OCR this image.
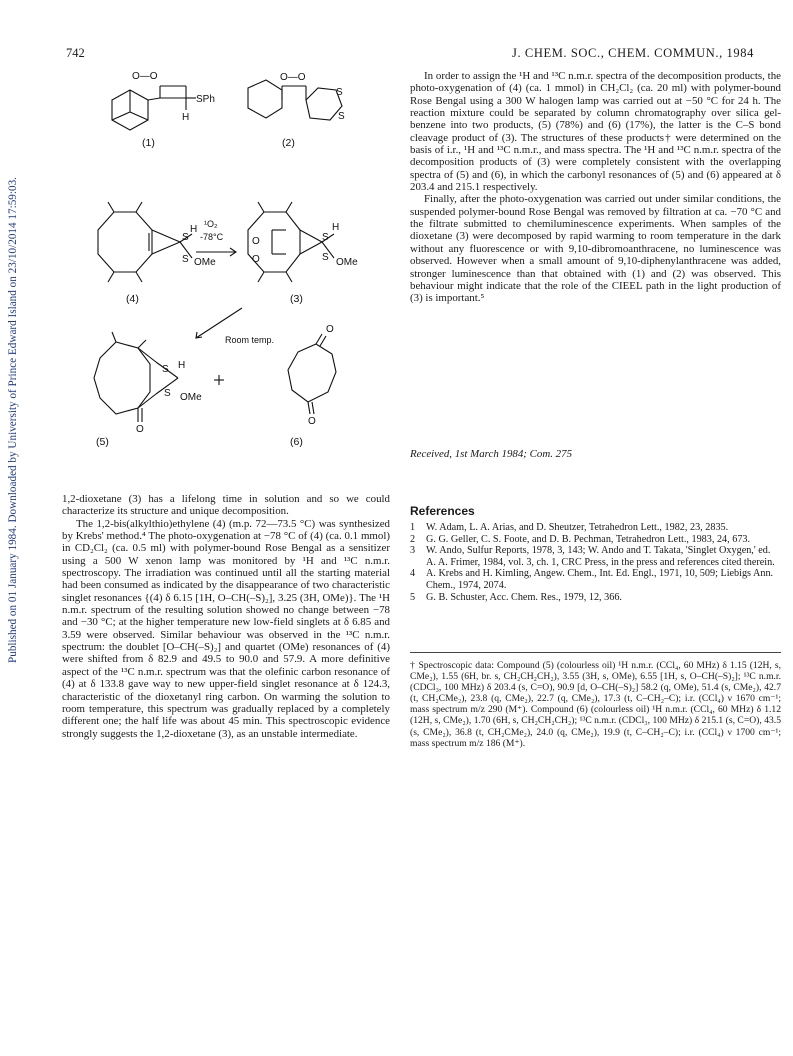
742	J. CHEM. SOC., CHEM. COMMUN., 1984
Published on 01 January 1984. Downloaded by University of Prince Edward Island on 23/10/2014 17:59:03.
O—O
SPh
H
O—O
S
S
S
H
S OMe
O
O
S
H
S OMe
S H
S OMe
O
O
O
(1)	(2)
(4)	(3)
(5)	(6)
¹O₂
-78°C
Room temp.

1,2-dioxetane (3) has a lifelong time in solution and so we could characterize its structure and unique decomposition.

The 1,2-bis(alkylthio)ethylene (4) (m.p. 72—73.5 °C) was synthesized by Krebs' method.⁴ The photo-oxygenation at −78 °C of (4) (ca. 0.1 mmol) in CD₂Cl₂ (ca. 0.5 ml) with polymer-bound Rose Bengal as a sensitizer using a 500 W xenon lamp was monitored by ¹H and ¹³C n.m.r. spectroscopy. The irradiation was continued until all the starting material had been consumed as indicated by the disappearance of two characteristic singlet resonances {(4) δ 6.15 [1H, O–CH(–S)₂], 3.25 (3H, OMe)}. The ¹H n.m.r. spectrum of the resulting solution showed no change between −78 and −30 °C; at the higher temperature new low-field singlets at δ 6.85 and 3.59 were observed. Similar behaviour was observed in the ¹³C n.m.r. spectrum: the doublet [O–CH(–S)₂] and quartet (OMe) resonances of (4) were shifted from δ 82.9 and 49.5 to 90.0 and 57.9. A more definitive aspect of the ¹³C n.m.r. spectrum was that the olefinic carbon resonance of (4) at δ 133.8 gave way to new upper-field singlet resonance at δ 124.3, characteristic of the dioxetanyl ring carbon. On warming the solution to room temperature, this spectrum was gradually replaced by a completely different one; the half life was about 45 min. This spectroscopic evidence strongly suggests the 1,2-dioxetane (3), as an unstable intermediate.

In order to assign the ¹H and ¹³C n.m.r. spectra of the decomposition products, the photo-oxygenation of (4) (ca. 1 mmol) in CH₂Cl₂ (ca. 20 ml) with polymer-bound Rose Bengal using a 300 W halogen lamp was carried out at −50 °C for 24 h. The reaction mixture could be separated by column chromatography over silica gel-benzene into two products, (5) (78%) and (6) (17%), the latter is the C–S bond cleavage product of (3). The structures of these products† were determined on the basis of i.r., ¹H and ¹³C n.m.r., and mass spectra. The ¹H and ¹³C n.m.r. spectra of the decomposition products of (3) were completely consistent with the overlapping spectra of (5) and (6), in which the carbonyl resonances of (5) and (6) appeared at δ 203.4 and 215.1 respectively.

Finally, after the photo-oxygenation was carried out under similar conditions, the suspended polymer-bound Rose Bengal was removed by filtration at ca. −70 °C and the filtrate submitted to chemiluminescence experiments. When samples of the dioxetane (3) were decomposed by rapid warming to room temperature in the dark without any fluorescence or with 9,10-dibromoanthracene, no luminescence was observed. However when a small amount of 9,10-diphenylanthracene was added, stronger luminescence than that obtained with (1) and (2) was observed. This behaviour might indicate that the role of the CIEEL path in the light production of (3) is important.⁵

Received, 1st March 1984; Com. 275
References
1	W. Adam, L. A. Arias, and D. Sheutzer, Tetrahedron Lett., 1982, 23, 2835.
2	G. G. Geller, C. S. Foote, and D. B. Pechman, Tetrahedron Lett., 1983, 24, 673.
3	W. Ando, Sulfur Reports, 1978, 3, 143; W. Ando and T. Takata, 'Singlet Oxygen,' ed. A. A. Frimer, 1984, vol. 3, ch. 1, CRC Press, in the press and references cited therein.
4	A. Krebs and H. Kimling, Angew. Chem., Int. Ed. Engl., 1971, 10, 509; Liebigs Ann. Chem., 1974, 2074.
5	G. B. Schuster, Acc. Chem. Res., 1979, 12, 366.
† Spectroscopic data: Compound (5) (colourless oil) ¹H n.m.r. (CCl₄, 60 MHz) δ 1.15 (12H, s, CMe₂), 1.55 (6H, br. s, CH₂CH₂CH₂), 3.55 (3H, s, OMe), 6.55 [1H, s, O–CH(–S)₂]; ¹³C n.m.r. (CDCl₃, 100 MHz) δ 203.4 (s, C=O), 90.9 [d, O–CH(–S)₂] 58.2 (q, OMe), 51.4 (s, CMe₂), 42.7 (t, CH₂CMe₂), 23.8 (q, CMe₂), 22.7 (q, CMe₂), 17.3 (t, C–CH₂–C); i.r. (CCl₄) ν 1670 cm⁻¹; mass spectrum m/z 290 (M⁺). Compound (6) (colourless oil) ¹H n.m.r. (CCl₄, 60 MHz) δ 1.12 (12H, s, CMe₂), 1.70 (6H, s, CH₂CH₂CH₂); ¹³C n.m.r. (CDCl₃, 100 MHz) δ 215.1 (s, C=O), 43.5 (s, CMe₂), 36.8 (t, CH₂CMe₂), 24.0 (q, CMe₂), 19.9 (t, C–CH₂–C); i.r. (CCl₄) ν 1700 cm⁻¹; mass spectrum m/z 186 (M⁺).
